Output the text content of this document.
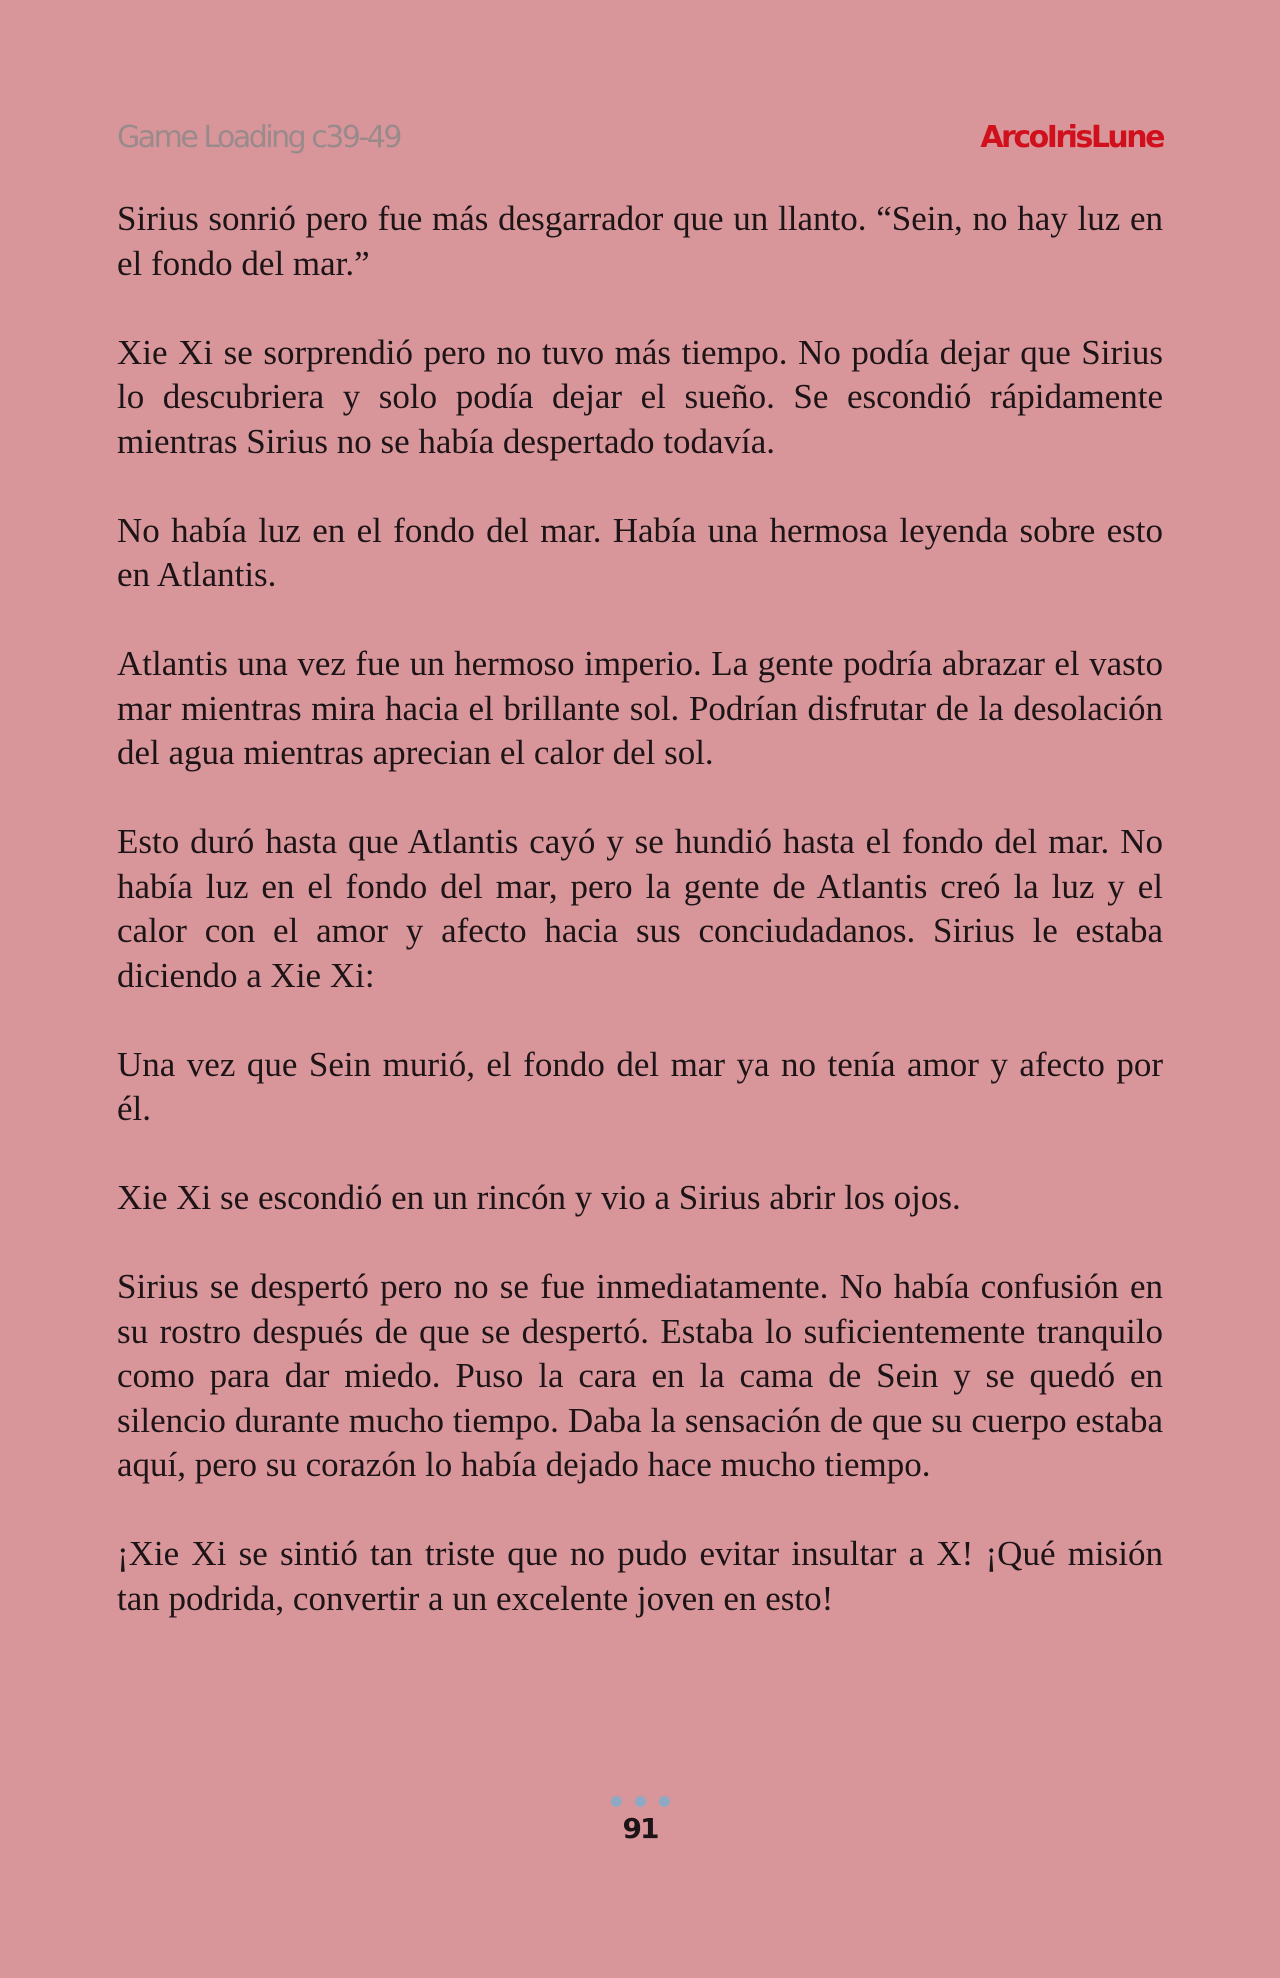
Game Loading c39-49	ArcoIrisLune

Sirius sonrió pero fue más desgarrador que un llanto. “Sein, no hay luz en el fondo del mar.”

Xie Xi se sorprendió pero no tuvo más tiempo. No podía dejar que Sirius lo descubriera y solo podía dejar el sueño. Se escondió rápidamente mientras Sirius no se había despertado todavía.

No había luz en el fondo del mar. Había una hermosa leyenda sobre esto en Atlantis.

Atlantis una vez fue un hermoso imperio. La gente podría abrazar el vasto mar mientras mira hacia el brillante sol. Podrían disfrutar de la desolación del agua mientras aprecian el calor del sol.

Esto duró hasta que Atlantis cayó y se hundió hasta el fondo del mar. No había luz en el fondo del mar, pero la gente de Atlantis creó la luz y el calor con el amor y afecto hacia sus conciudadanos. Sirius le estaba diciendo a Xie Xi:

Una vez que Sein murió, el fondo del mar ya no tenía amor y afecto por él.

Xie Xi se escondió en un rincón y vio a Sirius abrir los ojos.

Sirius se despertó pero no se fue inmediatamente. No había confusión en su rostro después de que se despertó. Estaba lo suficientemente tranquilo como para dar miedo. Puso la cara en la cama de Sein y se quedó en silencio durante mucho tiempo. Daba la sensación de que su cuerpo estaba aquí, pero su corazón lo había dejado hace mucho tiempo.

¡Xie Xi se sintió tan triste que no pudo evitar insultar a X! ¡Qué misión tan podrida, convertir a un excelente joven en esto!

91
